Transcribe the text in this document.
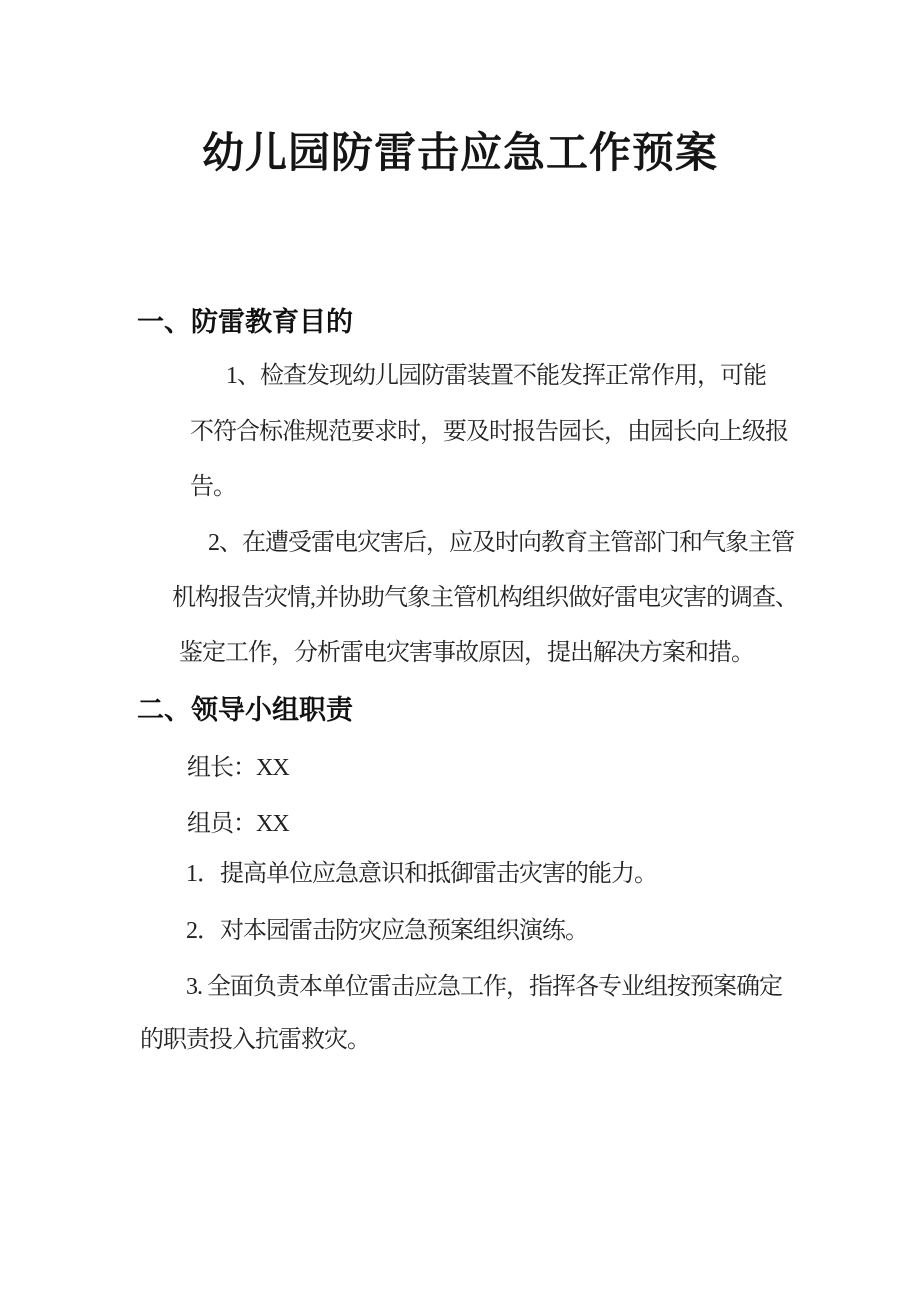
幼儿园防雷击应急工作预案
一、防雷教育目的
1、检查发现幼儿园防雷装置不能发挥正常作用，可能
不符合标准规范要求时，要及时报告园长，由园长向上级报
告。
2、在遭受雷电灾害后，应及时向教育主管部门和气象主管
机构报告灾情,并协助气象主管机构组织做好雷电灾害的调查、
鉴定工作，分析雷电灾害事故原因，提出解决方案和措。
二、领导小组职责
组长：XX
组员：XX
1．提高单位应急意识和抵御雷击灾害的能力。
2．对本园雷击防灾应急预案组织演练。
3. 全面负责本单位雷击应急工作，指挥各专业组按预案确定
的职责投入抗雷救灾。
